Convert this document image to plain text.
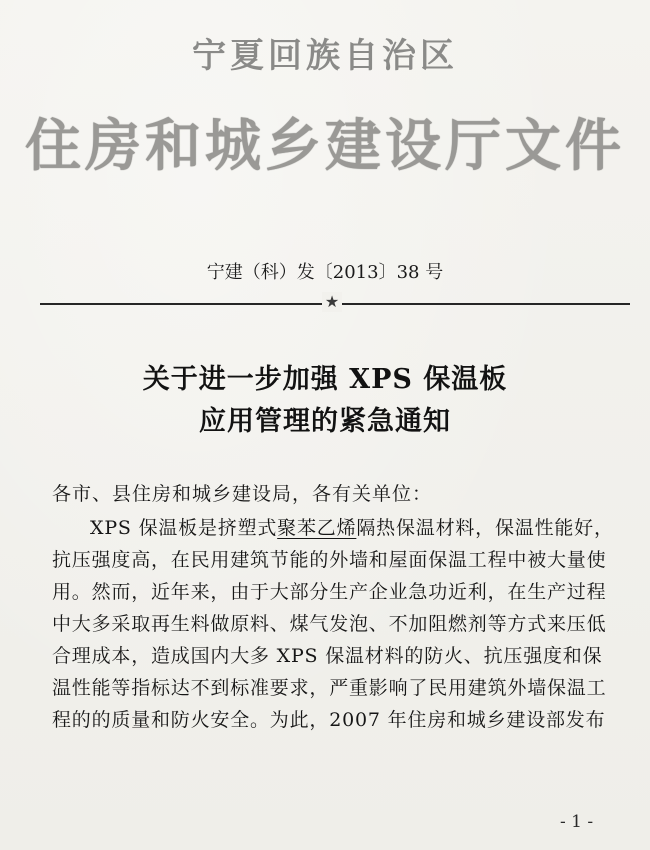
宁夏回族自治区
住房和城乡建设厅文件
宁建（科）发〔2013〕38 号
★
关于进一步加强 XPS 保温板
应用管理的紧急通知
各市、县住房和城乡建设局，各有关单位：
XPS 保温板是挤塑式聚苯乙烯隔热保温材料，保温性能好，
抗压强度高，在民用建筑节能的外墙和屋面保温工程中被大量使
用。然而，近年来，由于大部分生产企业急功近利，在生产过程
中大多采取再生料做原料、煤气发泡、不加阻燃剂等方式来压低
合理成本，造成国内大多 XPS 保温材料的防火、抗压强度和保
温性能等指标达不到标准要求，严重影响了民用建筑外墙保温工
程的的质量和防火安全。为此，2007 年住房和城乡建设部发布
- 1 -
